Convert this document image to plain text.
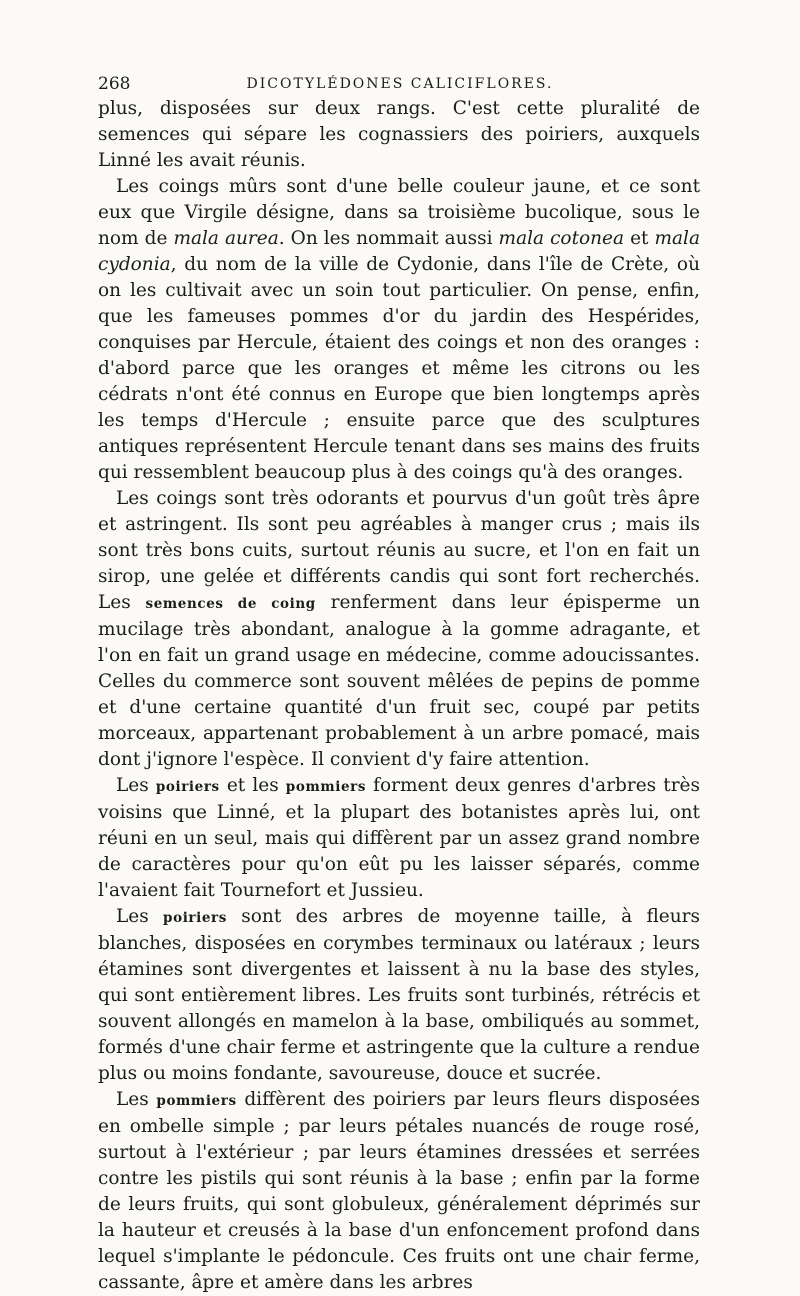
268	DICOTYLÉDONES CALICIFLORES.

plus, disposées sur deux rangs. C'est cette pluralité de semences qui sépare les cognassiers des poiriers, auxquels Linné les avait réunis.

Les coings mûrs sont d'une belle couleur jaune, et ce sont eux que Virgile désigne, dans sa troisième bucolique, sous le nom de mala aurea. On les nommait aussi mala cotonea et mala cydonia, du nom de la ville de Cydonie, dans l'île de Crète, où on les cultivait avec un soin tout particulier. On pense, enfin, que les fameuses pommes d'or du jardin des Hespérides, conquises par Hercule, étaient des coings et non des oranges : d'abord parce que les oranges et même les citrons ou les cédrats n'ont été connus en Europe que bien longtemps après les temps d'Hercule ; ensuite parce que des sculptures antiques représentent Hercule tenant dans ses mains des fruits qui ressemblent beaucoup plus à des coings qu'à des oranges.

Les coings sont très odorants et pourvus d'un goût très âpre et astringent. Ils sont peu agréables à manger crus ; mais ils sont très bons cuits, surtout réunis au sucre, et l'on en fait un sirop, une gelée et différents candis qui sont fort recherchés. Les semences de coing renferment dans leur épisperme un mucilage très abondant, analogue à la gomme adragante, et l'on en fait un grand usage en médecine, comme adoucissantes. Celles du commerce sont souvent mêlées de pepins de pomme et d'une certaine quantité d'un fruit sec, coupé par petits morceaux, appartenant probablement à un arbre pomacé, mais dont j'ignore l'espèce. Il convient d'y faire attention.

Les poiriers et les pommiers forment deux genres d'arbres très voisins que Linné, et la plupart des botanistes après lui, ont réuni en un seul, mais qui diffèrent par un assez grand nombre de caractères pour qu'on eût pu les laisser séparés, comme l'avaient fait Tournefort et Jussieu.

Les poiriers sont des arbres de moyenne taille, à fleurs blanches, disposées en corymbes terminaux ou latéraux ; leurs étamines sont divergentes et laissent à nu la base des styles, qui sont entièrement libres. Les fruits sont turbinés, rétrécis et souvent allongés en mamelon à la base, ombiliqués au sommet, formés d'une chair ferme et astringente que la culture a rendue plus ou moins fondante, savoureuse, douce et sucrée.

Les pommiers diffèrent des poiriers par leurs fleurs disposées en ombelle simple ; par leurs pétales nuancés de rouge rosé, surtout à l'extérieur ; par leurs étamines dressées et serrées contre les pistils qui sont réunis à la base ; enfin par la forme de leurs fruits, qui sont globuleux, généralement déprimés sur la hauteur et creusés à la base d'un enfoncement profond dans lequel s'implante le pédoncule. Ces fruits ont une chair ferme, cassante, âpre et amère dans les arbres
